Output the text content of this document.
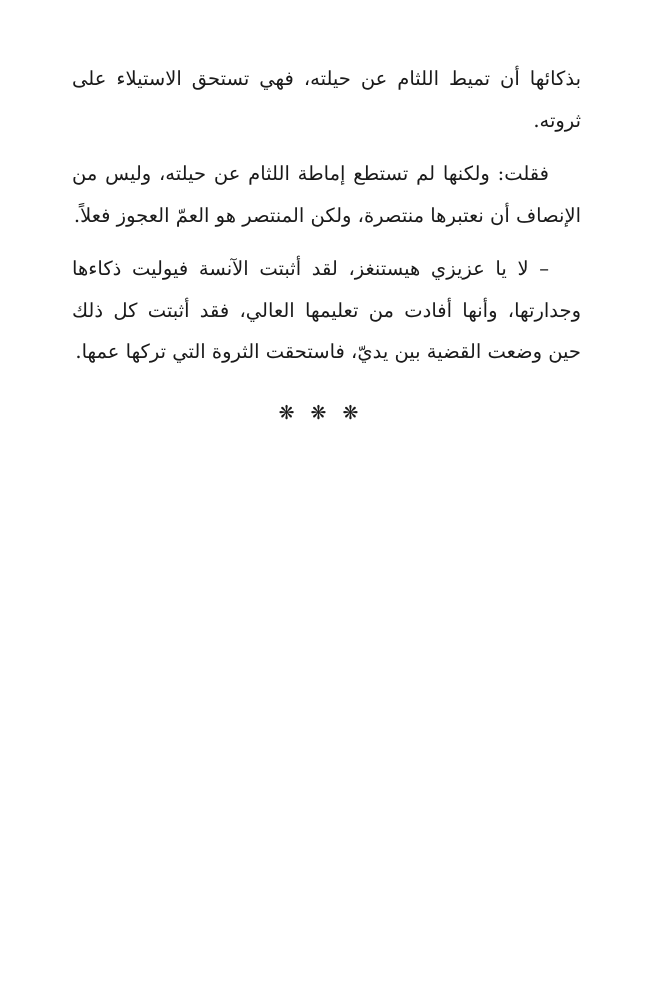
بذكائها أن تميط اللثام عن حيلته، فهي تستحق الاستيلاء على ثروته.

فقلت: ولكنها لم تستطع إماطة اللثام عن حيلته، وليس من الإنصاف أن نعتبرها منتصرة، ولكن المنتصر هو العمّ العجوز فعلاً.

– لا يا عزيزي هيستنغز، لقد أثبتت الآنسة فيوليت ذكاءها وجدارتها، وأنها أفادت من تعليمها العالي، فقد أثبتت كل ذلك حين وضعت القضية بين يديّ، فاستحقت الثروة التي تركها عمها.

❋❋❋
